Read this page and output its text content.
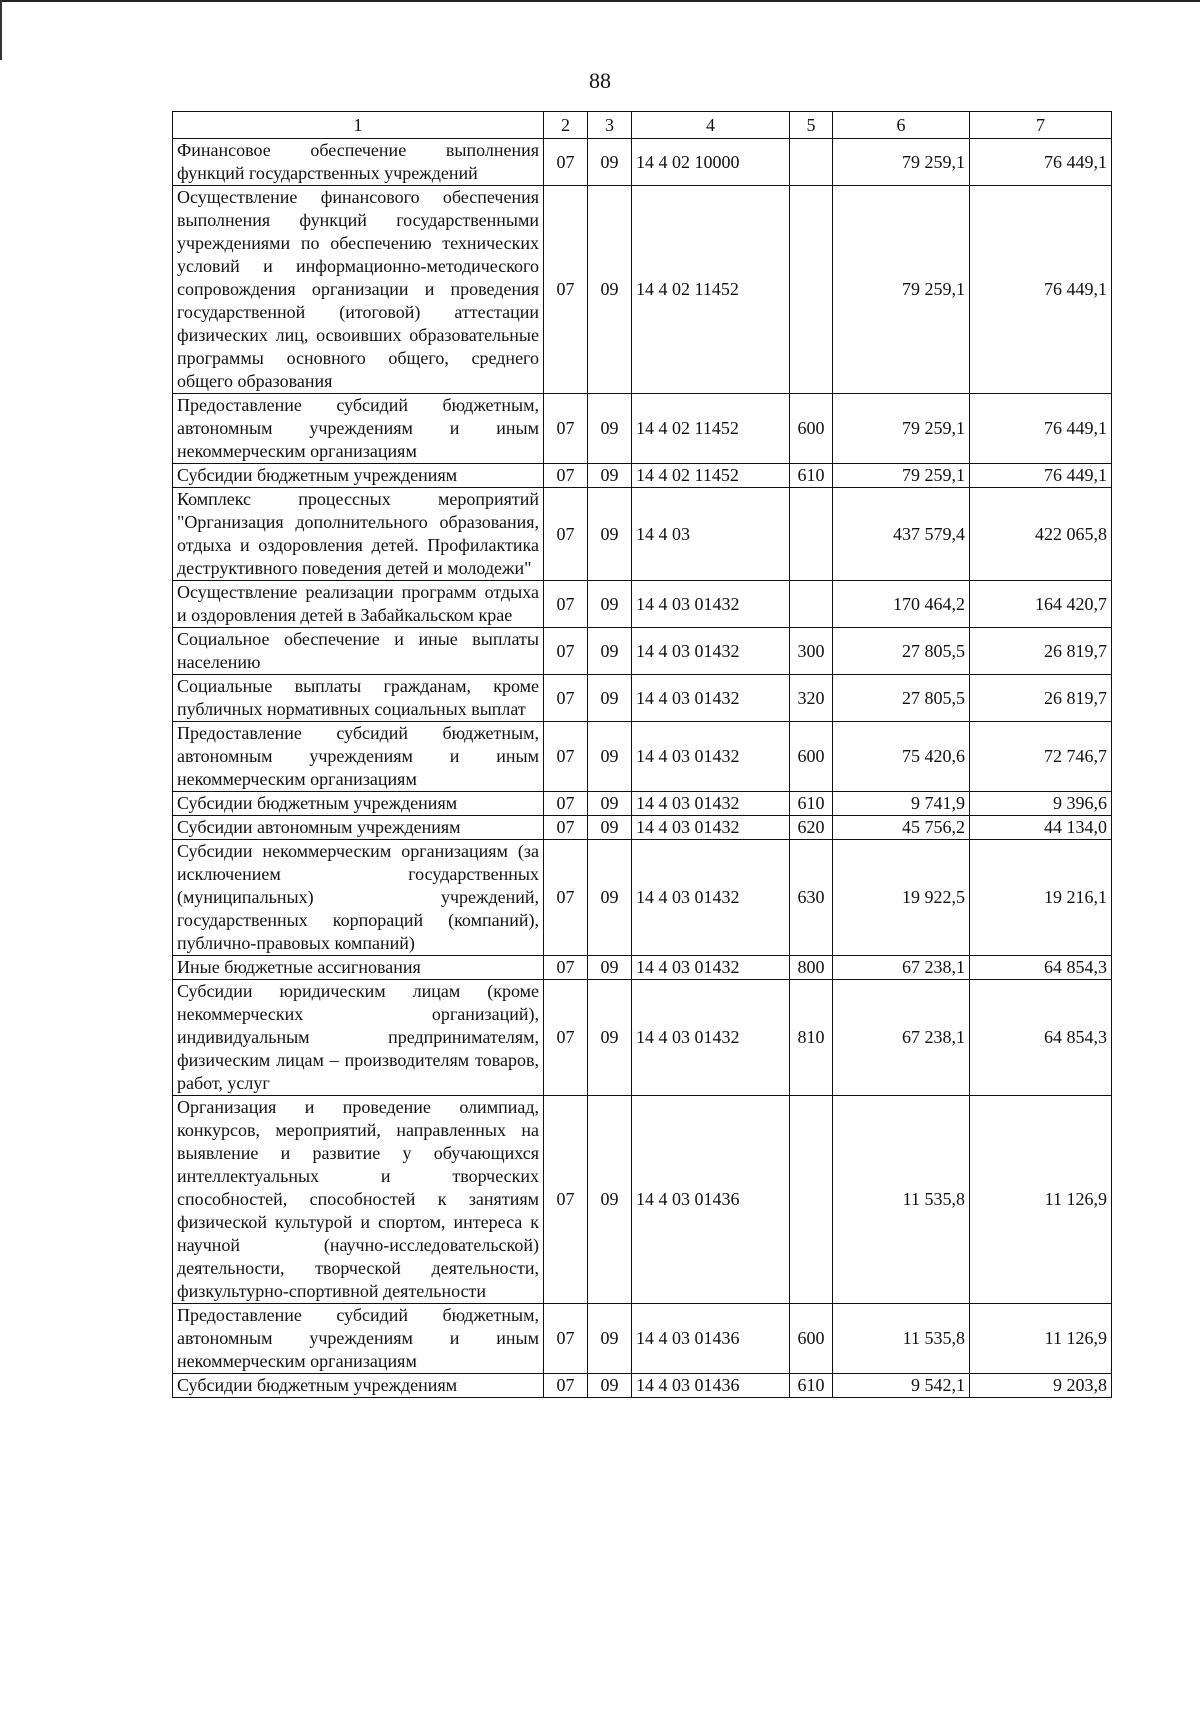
88
1	2	3	4	5	6	7
Финансовое обеспечение выполнения функций государственных учреждений	07	09	14 4 02 10000		79 259,1	76 449,1
Осуществление финансового обеспечения выполнения функций государственными учреждениями по обеспечению технических условий и информационно-методического сопровождения организации и проведения государственной (итоговой) аттестации физических лиц, освоивших образовательные программы основного общего, среднего общего образования	07	09	14 4 02 11452		79 259,1	76 449,1
Предоставление субсидий бюджетным, автономным учреждениям и иным некоммерческим организациям	07	09	14 4 02 11452	600	79 259,1	76 449,1
Субсидии бюджетным учреждениям	07	09	14 4 02 11452	610	79 259,1	76 449,1
Комплекс процессных мероприятий "Организация дополнительного образования, отдыха и оздоровления детей. Профилактика деструктивного поведения детей и молодежи"	07	09	14 4 03		437 579,4	422 065,8
Осуществление реализации программ отдыха и оздоровления детей в Забайкальском крае	07	09	14 4 03 01432		170 464,2	164 420,7
Социальное обеспечение и иные выплаты населению	07	09	14 4 03 01432	300	27 805,5	26 819,7
Социальные выплаты гражданам, кроме публичных нормативных социальных выплат	07	09	14 4 03 01432	320	27 805,5	26 819,7
Предоставление субсидий бюджетным, автономным учреждениям и иным некоммерческим организациям	07	09	14 4 03 01432	600	75 420,6	72 746,7
Субсидии бюджетным учреждениям	07	09	14 4 03 01432	610	9 741,9	9 396,6
Субсидии автономным учреждениям	07	09	14 4 03 01432	620	45 756,2	44 134,0
Субсидии некоммерческим организациям (за исключением государственных (муниципальных) учреждений, государственных корпораций (компаний), публично-правовых компаний)	07	09	14 4 03 01432	630	19 922,5	19 216,1
Иные бюджетные ассигнования	07	09	14 4 03 01432	800	67 238,1	64 854,3
Субсидии юридическим лицам (кроме некоммерческих организаций), индивидуальным предпринимателям, физическим лицам – производителям товаров, работ, услуг	07	09	14 4 03 01432	810	67 238,1	64 854,3
Организация и проведение олимпиад, конкурсов, мероприятий, направленных на выявление и развитие у обучающихся интеллектуальных и творческих способностей, способностей к занятиям физической культурой и спортом, интереса к научной (научно-исследовательской) деятельности, творческой деятельности, физкультурно-спортивной деятельности	07	09	14 4 03 01436		11 535,8	11 126,9
Предоставление субсидий бюджетным, автономным учреждениям и иным некоммерческим организациям	07	09	14 4 03 01436	600	11 535,8	11 126,9
Субсидии бюджетным учреждениям	07	09	14 4 03 01436	610	9 542,1	9 203,8
